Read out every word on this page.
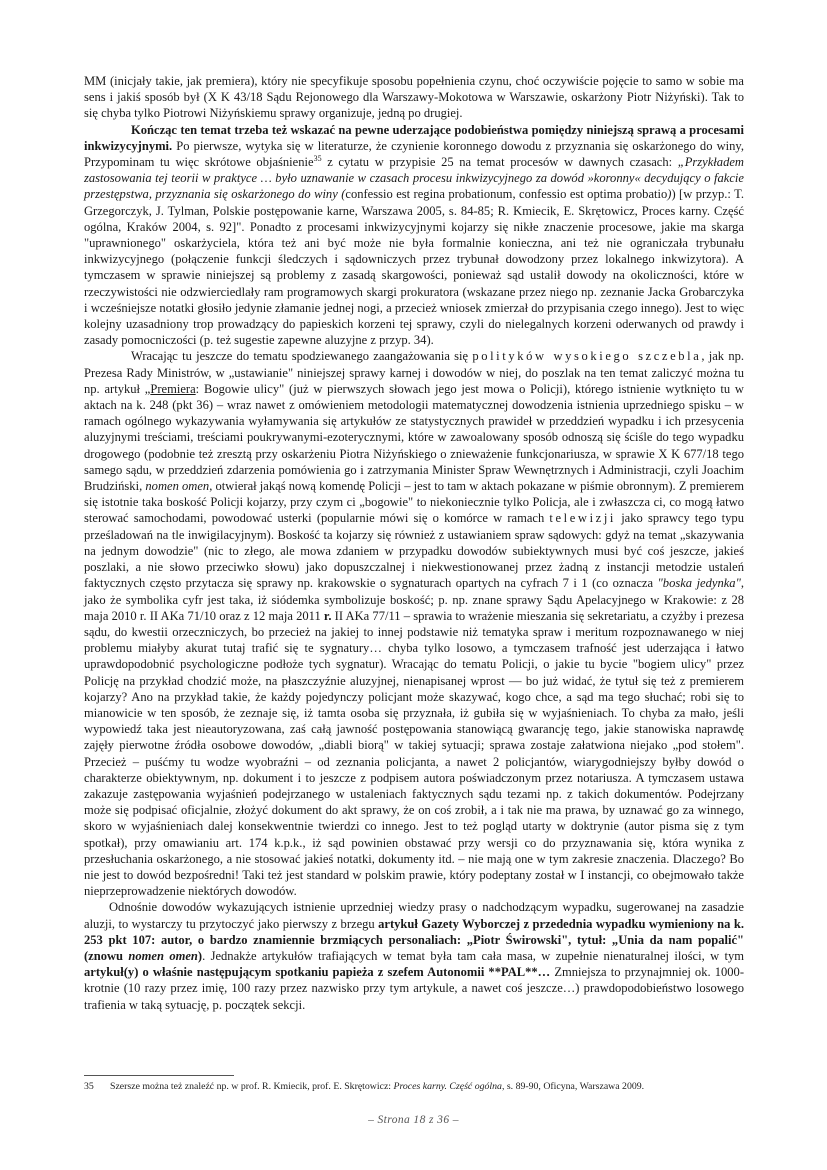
MM (inicjały takie, jak premiera), który nie specyfikuje sposobu popełnienia czynu, choć oczywiście pojęcie to samo w sobie ma sens i jakiś sposób był (X K 43/18 Sądu Rejonowego dla Warszawy-Mokotowa w Warszawie, oskarżony Piotr Niżyński). Tak to się chyba tylko Piotrowi Niżyńskiemu sprawy organizuje, jedną po drugiej.

Kończąc ten temat trzeba też wskazać na pewne uderzające podobieństwa pomiędzy niniejszą sprawą a procesami inkwizycyjnymi. Po pierwsze, wytyka się w literaturze, że czynienie koronnego dowodu z przyznania się oskarżonego do winy, Przypominam tu więc skrótowe objaśnienie$^{35}$ z cytatu w przypisie 25 na temat procesów w dawnych czasach: „Przykładem zastosowania tej teorii w praktyce … było uznawanie w czasach procesu inkwizycyjnego za dowód »koronny« decydujący o fakcie przestępstwa, przyznania się oskarżonego do winy (confessio est regina probationum, confessio est optima probatio)) [w przyp.: T. Grzegorczyk, J. Tylman, Polskie postępowanie karne, Warszawa 2005, s. 84-85; R. Kmiecik, E. Skrętowicz, Proces karny. Część ogólna, Kraków 2004, s. 92]". Ponadto z procesami inkwizycyjnymi kojarzy się nikłe znaczenie procesowe, jakie ma skarga "uprawnionego" oskarżyciela, która też ani być może nie była formalnie konieczna, ani też nie ograniczała trybunału inkwizycyjnego (połączenie funkcji śledczych i sądowniczych przez trybunał dowodzony przez lokalnego inkwizytora). A tymczasem w sprawie niniejszej są problemy z zasadą skargowości, ponieważ sąd ustalił dowody na okoliczności, które w rzeczywistości nie odzwierciedlały ram programowych skargi prokuratora (wskazane przez niego np. zeznanie Jacka Grobarczyka i wcześniejsze notatki głosiło jedynie złamanie jednej nogi, a przecież wniosek zmierzał do przypisania czego innego). Jest to więc kolejny uzasadniony trop prowadzący do papieskich korzeni tej sprawy, czyli do nielegalnych korzeni oderwanych od prawdy i zasady pomocniczości (p. też sugestie zapewne aluzyjne z przyp. 34).

Wracając tu jeszcze do tematu spodziewanego zaangażowania się polityków wysokiego szczebla, jak np. Prezesa Rady Ministrów, w „ustawianie" niniejszej sprawy karnej i dowodów w niej, do poszlak na ten temat zaliczyć można tu np. artykuł „Premiera: Bogowie ulicy" (już w pierwszych słowach jego jest mowa o Policji), którego istnienie wytknięto tu w aktach na k. 248 (pkt 36) – wraz nawet z omówieniem metodologii matematycznej dowodzenia istnienia uprzedniego spisku – w ramach ogólnego wykazywania wyłamywania się artykułów ze statystycznych prawideł w przeddzień wypadku i ich przesycenia aluzyjnymi treściami, treściami poukrywanymi-ezoterycznymi, które w zawoalowany sposób odnoszą się ściśle do tego wypadku drogowego (podobnie też zresztą przy oskarżeniu Piotra Niżyńskiego o znieważenie funkcjonariusza, w sprawie X K 677/18 tego samego sądu, w przeddzień zdarzenia pomówienia go i zatrzymania Minister Spraw Wewnętrznych i Administracji, czyli Joachim Brudziński, nomen omen, otwierał jakąś nową komendę Policji – jest to tam w aktach pokazane w piśmie obronnym). Z premierem się istotnie taka boskość Policji kojarzy, przy czym ci „bogowie" to niekoniecznie tylko Policja, ale i zwłaszcza ci, co mogą łatwo sterować samochodami, powodować usterki (popularnie mówi się o komórce w ramach telewizji jako sprawcy tego typu prześladowań na tle inwigilacyjnym). Boskość ta kojarzy się również z ustawianiem spraw sądowych: gdyż na temat „skazywania na jednym dowodzie" (nic to złego, ale mowa zdaniem w przypadku dowodów subiektywnych musi być coś jeszcze, jakieś poszlaki, a nie słowo przeciwko słowu) jako dopuszczalnej i niekwestionowanej przez żadną z instancji metodzie ustaleń faktycznych często przytacza się sprawy np. krakowskie o sygnaturach opartych na cyfrach 7 i 1 (co oznacza "boska jedynka", jako że symbolika cyfr jest taka, iż siódemka symbolizuje boskość; p. np. znane sprawy Sądu Apelacyjnego w Krakowie: z 28 maja 2010 r. II AKa 71/10 oraz z 12 maja 2011 r. II AKa 77/11 – sprawia to wrażenie mieszania się sekretariatu, a czyżby i prezesa sądu, do kwestii orzeczniczych, bo przecież na jakiej to innej podstawie niż tematyka spraw i meritum rozpoznawanego w niej problemu miałyby akurat tutaj trafić się te sygnatury… chyba tylko losowo, a tymczasem trafność jest uderzająca i łatwo uprawdopodobnić psychologiczne podłoże tych sygnatur). Wracając do tematu Policji, o jakie tu bycie "bogiem ulicy" przez Policję na przykład chodzić może, na płaszczyźnie aluzyjnej, nienapisanej wprost — bo już widać, że tytuł się też z premierem kojarzy? Ano na przykład takie, że każdy pojedynczy policjant może skazywać, kogo chce, a sąd ma tego słuchać; robi się to mianowicie w ten sposób, że zeznaje się, iż tamta osoba się przyznała, iż gubiła się w wyjaśnieniach. To chyba za mało, jeśli wypowiedź taka jest nieautoryzowana, zaś całą jawność postępowania stanowiącą gwarancję tego, jakie stanowiska naprawdę zajęły pierwotne źródła osobowe dowodów, „diabli biorą" w takiej sytuacji; sprawa zostaje załatwiona niejako „pod stołem". Przecież – puśćmy tu wodze wyobraźni – od zeznania policjanta, a nawet 2 policjantów, wiarygodniejszy byłby dowód o charakterze obiektywnym, np. dokument i to jeszcze z podpisem autora poświadczonym przez notariusza. A tymczasem ustawa zakazuje zastępowania wyjaśnień podejrzanego w ustaleniach faktycznych sądu tezami np. z takich dokumentów. Podejrzany może się podpisać oficjalnie, złożyć dokument do akt sprawy, że on coś zrobił, a i tak nie ma prawa, by uznawać go za winnego, skoro w wyjaśnieniach dalej konsekwentnie twierdzi co innego. Jest to też pogląd utarty w doktrynie (autor pisma się z tym spotkał), przy omawianiu art. 174 k.p.k., iż sąd powinien obstawać przy wersji co do przyznawania się, która wynika z przesłuchania oskarżonego, a nie stosować jakieś notatki, dokumenty itd. – nie mają one w tym zakresie znaczenia. Dlaczego? Bo nie jest to dowód bezpośredni! Taki też jest standard w polskim prawie, który podeptany został w I instancji, co obejmowało także nieprzeprowadzenie niektórych dowodów.

Odnośnie dowodów wykazujących istnienie uprzedniej wiedzy prasy o nadchodzącym wypadku, sugerowanej na zasadzie aluzji, to wystarczy tu przytoczyć jako pierwszy z brzegu artykuł Gazety Wyborczej z przedednia wypadku wymieniony na k. 253 pkt 107: autor, o bardzo znamiennie brzmiących personaliach: „Piotr Świrowski", tytuł: „Unia da nam popalić" (znowu nomen omen). Jednakże artykułów trafiających w temat była tam cała masa, w zupełnie nienaturalnej ilości, w tym artykuł(y) o właśnie następującym spotkaniu papieża z szefem Autonomii **PAL**… Zmniejsza to przynajmniej ok. 1000-krotnie (10 razy przez imię, 100 razy przez nazwisko przy tym artykule, a nawet coś jeszcze…) prawdopodobieństwo losowego trafienia w taką sytuację, p. początek sekcji.

35 Szersze można też znaleźć np. w prof. R. Kmiecik, prof. E. Skrętowicz: Proces karny. Część ogólna, s. 89-90, Oficyna, Warszawa 2009.
– Strona 18 z 36 –
